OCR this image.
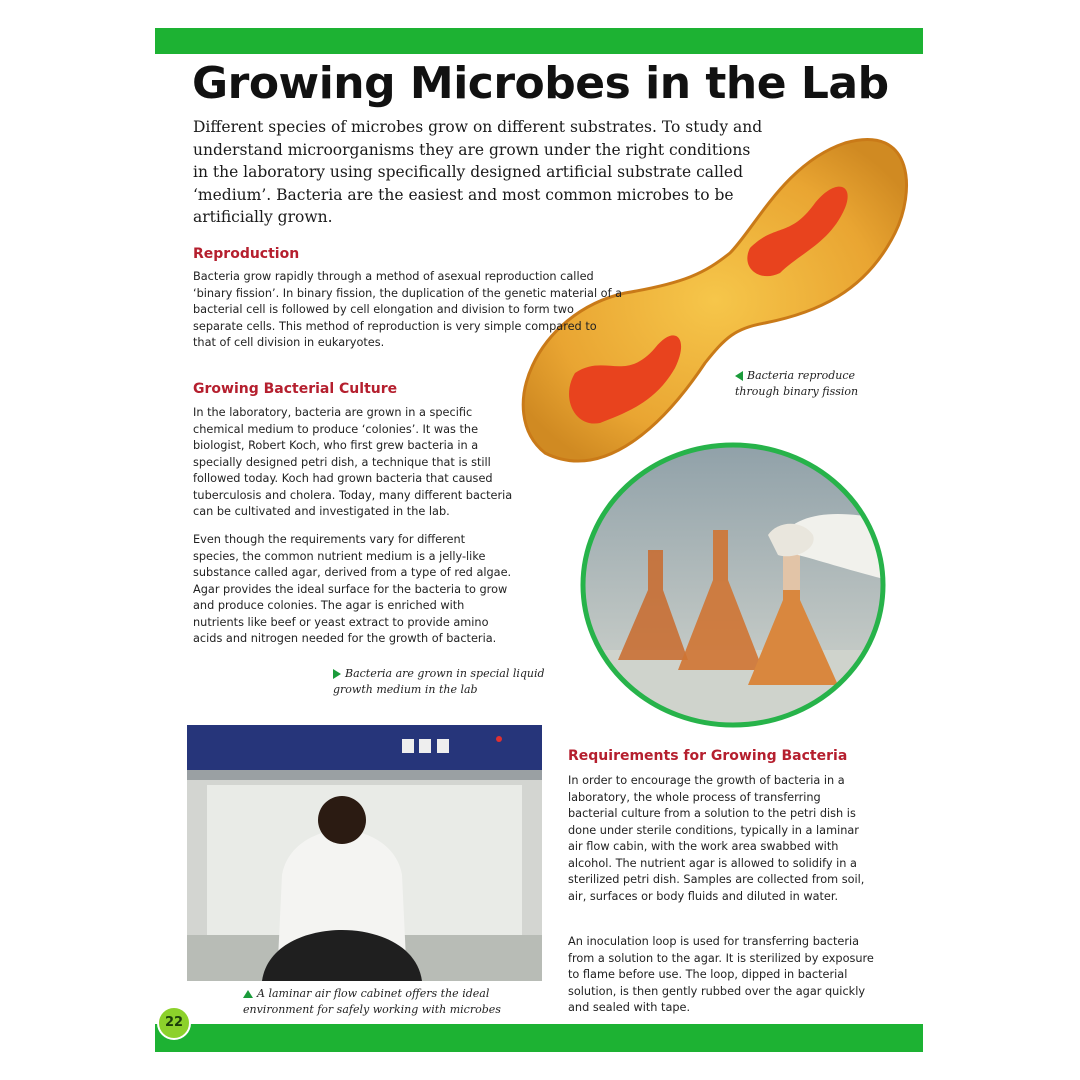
Growing Microbes in the Lab

Different species of microbes grow on different substrates. To study and understand microorganisms they are grown under the right conditions in the laboratory using specifically designed artificial substrate called ‘medium’. Bacteria are the easiest and most common microbes to be artificially grown.

Reproduction

Bacteria grow rapidly through a method of asexual reproduction called ‘binary fission’. In binary fission, the duplication of the genetic material of a bacterial cell is followed by cell elongation and division to form two separate cells. This method of reproduction is very simple compared to that of cell division in eukaryotes.

Bacteria reproduce through binary fission

Growing Bacterial Culture

In the laboratory, bacteria are grown in a specific chemical medium to produce ‘colonies’. It was the biologist, Robert Koch, who first grew bacteria in a specially designed petri dish, a technique that is still followed today. Koch had grown bacteria that caused tuberculosis and cholera. Today, many different bacteria can be cultivated and investigated in the lab.

Even though the requirements vary for different species, the common nutrient medium is a jelly-like substance called agar, derived from a type of red algae. Agar provides the ideal surface for the bacteria to grow and produce colonies. The agar is enriched with nutrients like beef or yeast extract to provide amino acids and nitrogen needed for the growth of bacteria.

Bacteria are grown in special liquid growth medium in the lab

A laminar air flow cabinet offers the ideal environment for safely working with microbes

Requirements for Growing Bacteria

In order to encourage the growth of bacteria in a laboratory, the whole process of transferring bacterial culture from a solution to the petri dish is done under sterile conditions, typically in a laminar air flow cabin, with the work area swabbed with alcohol. The nutrient agar is allowed to solidify in a sterilized petri dish. Samples are collected from soil, air, surfaces or body fluids and diluted in water.

An inoculation loop is used for transferring bacteria from a solution to the agar. It is sterilized by exposure to flame before use. The loop, dipped in bacterial solution, is then gently rubbed over the agar quickly and sealed with tape.

22
